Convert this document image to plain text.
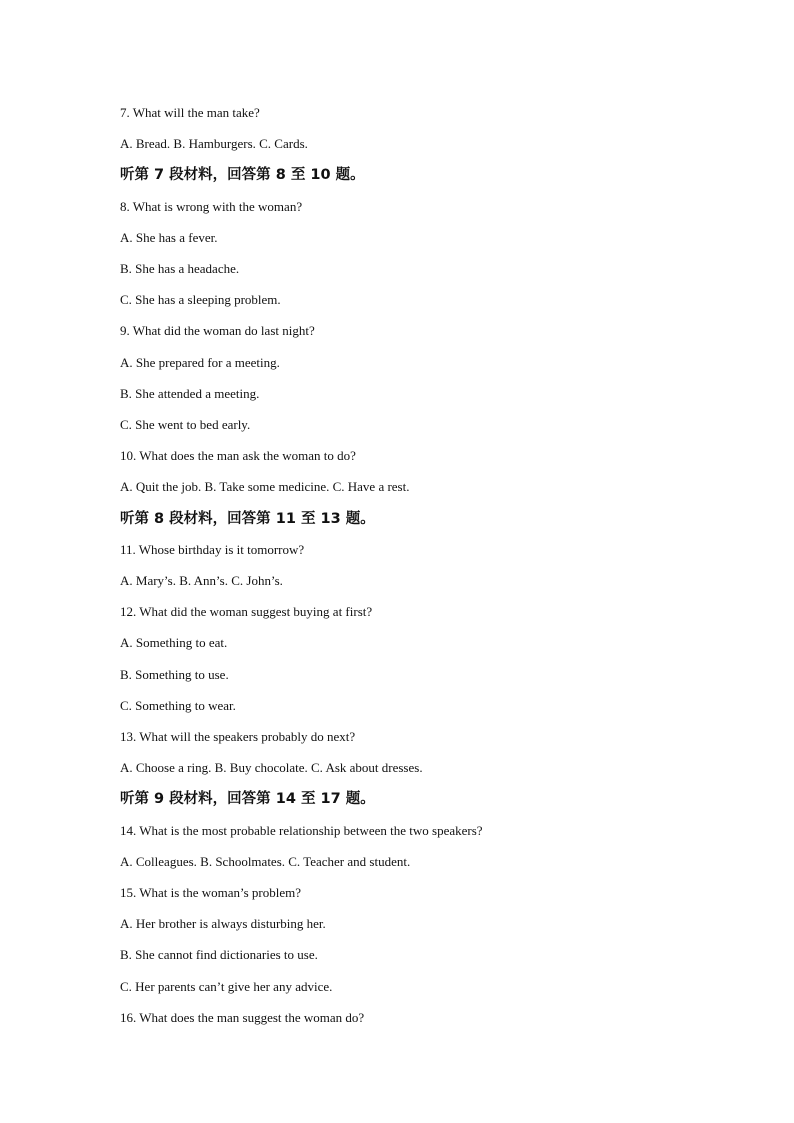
7. What will the man take?
A. Bread. B. Hamburgers. C. Cards.
听第 7 段材料，回答第 8 至 10 题。
8. What is wrong with the woman?
A. She has a fever.
B. She has a headache.
C. She has a sleeping problem.
9. What did the woman do last night?
A. She prepared for a meeting.
B. She attended a meeting.
C. She went to bed early.
10. What does the man ask the woman to do?
A. Quit the job. B. Take some medicine. C. Have a rest.
听第 8 段材料，回答第 11 至 13 题。
11. Whose birthday is it tomorrow?
A. Mary’s. B. Ann’s. C. John’s.
12. What did the woman suggest buying at first?
A. Something to eat.
B. Something to use.
C. Something to wear.
13. What will the speakers probably do next?
A. Choose a ring. B. Buy chocolate. C. Ask about dresses.
听第 9 段材料，回答第 14 至 17 题。
14. What is the most probable relationship between the two speakers?
A. Colleagues. B. Schoolmates. C. Teacher and student.
15. What is the woman’s problem?
A. Her brother is always disturbing her.
B. She cannot find dictionaries to use.
C. Her parents can’t give her any advice.
16. What does the man suggest the woman do?
